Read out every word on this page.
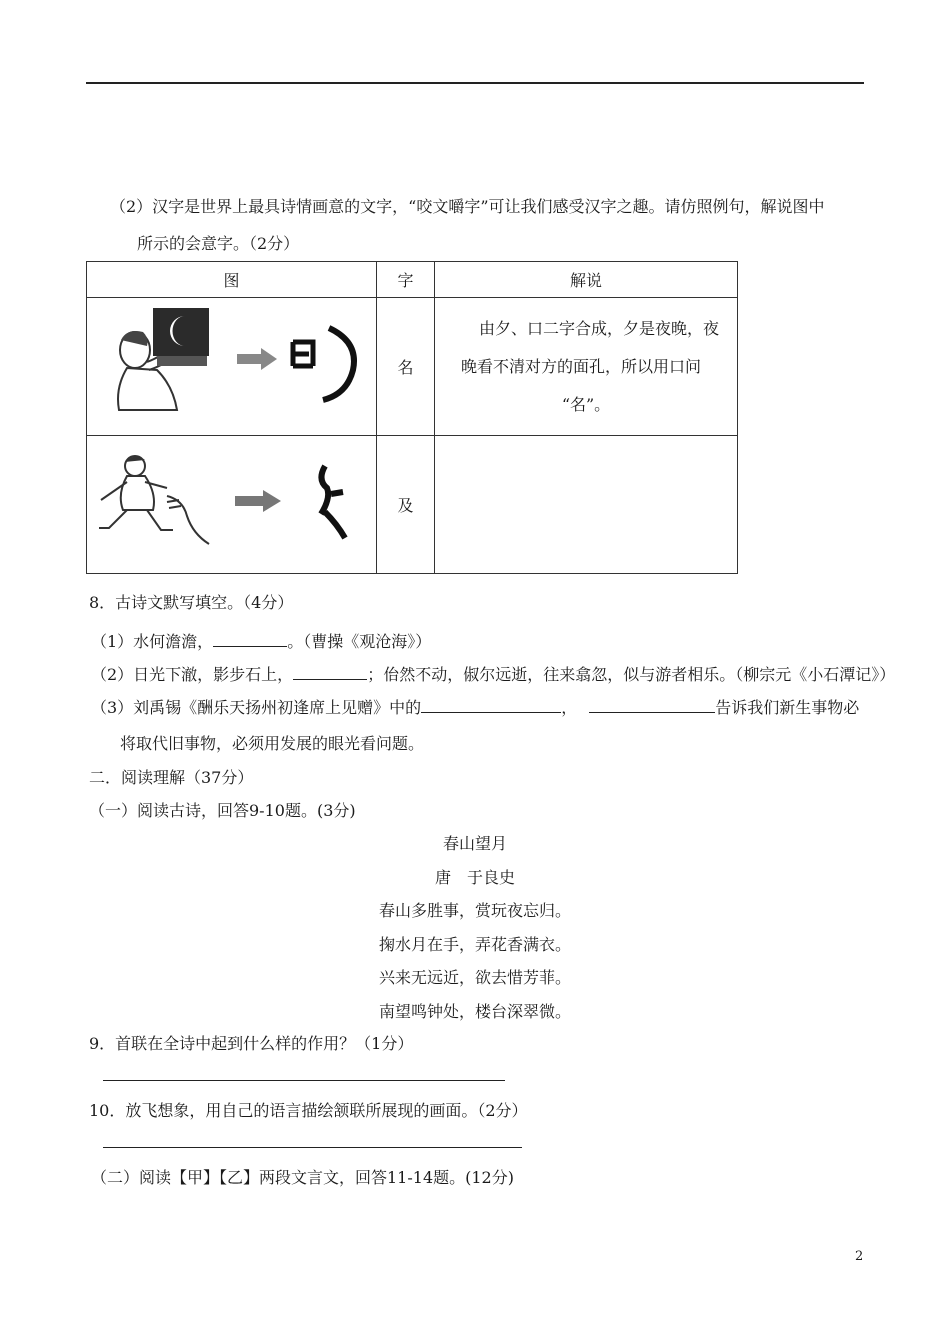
（2）汉字是世界上最具诗情画意的文字，“咬文嚼字”可让我们感受汉字之趣。请仿照例句，解说图中
所示的会意字。（2分）
图	字	解说
	名	由夕、口二字合成，夕是夜晚，夜
晚看不清对方的面孔，所以用口问
“名”。

	及	
8．古诗文默写填空。（4分）
（1）水何澹澹，	。（曹操《观沧海》）
（2）日光下澈，影步石上，	；佁然不动，俶尔远逝，往来翕忽，似与游者相乐。（柳宗元《小石潭记》）
（3）刘禹锡《酬乐天扬州初逢席上见赠》中的	，	告诉我们新生事物必
将取代旧事物，必须用发展的眼光看问题。
二．阅读理解（37分）
（一）阅读古诗，回答9-10题。(3分)
春山望月
唐　于良史
春山多胜事，赏玩夜忘归。
掬水月在手，弄花香满衣。
兴来无远近，欲去惜芳菲。
南望鸣钟处，楼台深翠微。
9．首联在全诗中起到什么样的作用？（1分）
10．放飞想象，用自己的语言描绘颔联所展现的画面。（2分）
（二）阅读【甲】【乙】两段文言文，回答11-14题。(12分)
2
